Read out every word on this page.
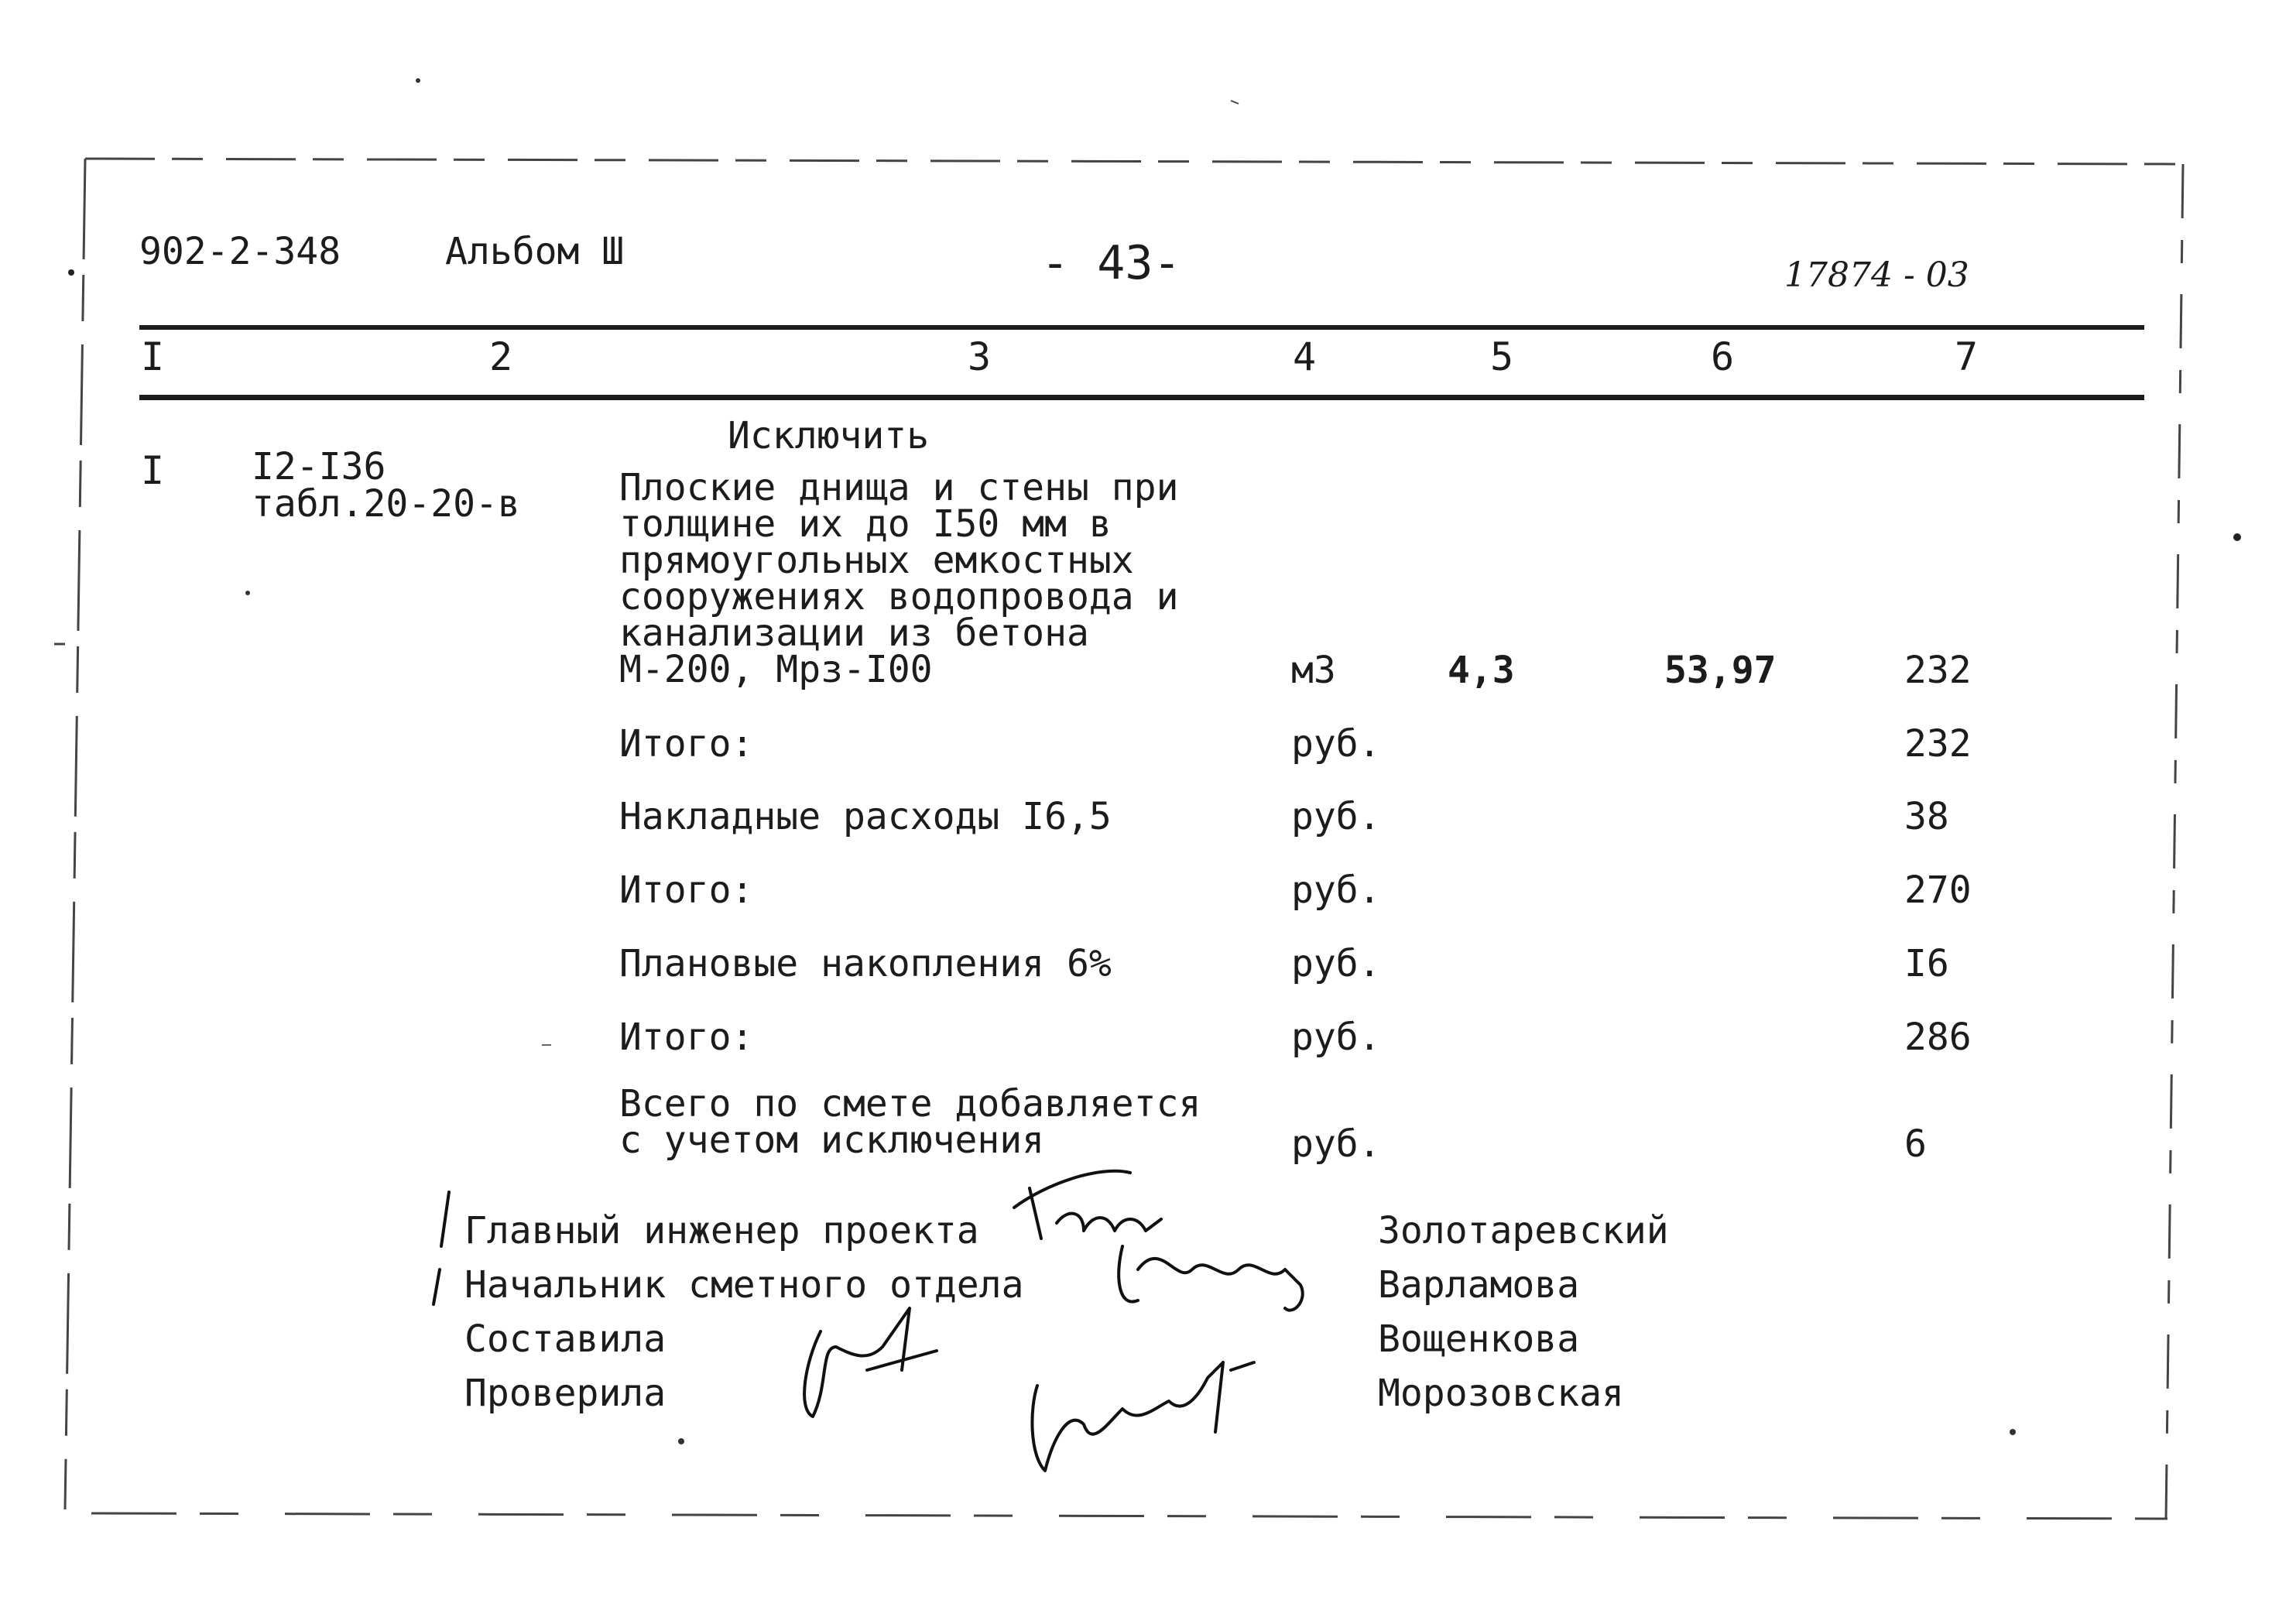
902-2-348	Альбом Ш	- 43-	17874 - 03
I	2	3	4	5	6	7
Исключить
I I2-I36
табл.20-20-в	Плоские днища и стены при
толщине их до I50 мм в
прямоугольных емкостных
сооружениях водопровода и
канализации из бетона
М-200, Мрз-I00	м3	4,3	53,97	232
Итого:	руб.	232
Накладные расходы I6,5	руб.	38
Итого:	руб.	270
Плановые накопления 6%	руб.	I6
Итого:	руб.	286
Всего по смете добавляется
с учетом исключения	руб.	6
Главный инженер проекта	Золотаревский
Начальник сметного отдела	Варламова
Составила	Вощенкова
Проверила	Морозовская
